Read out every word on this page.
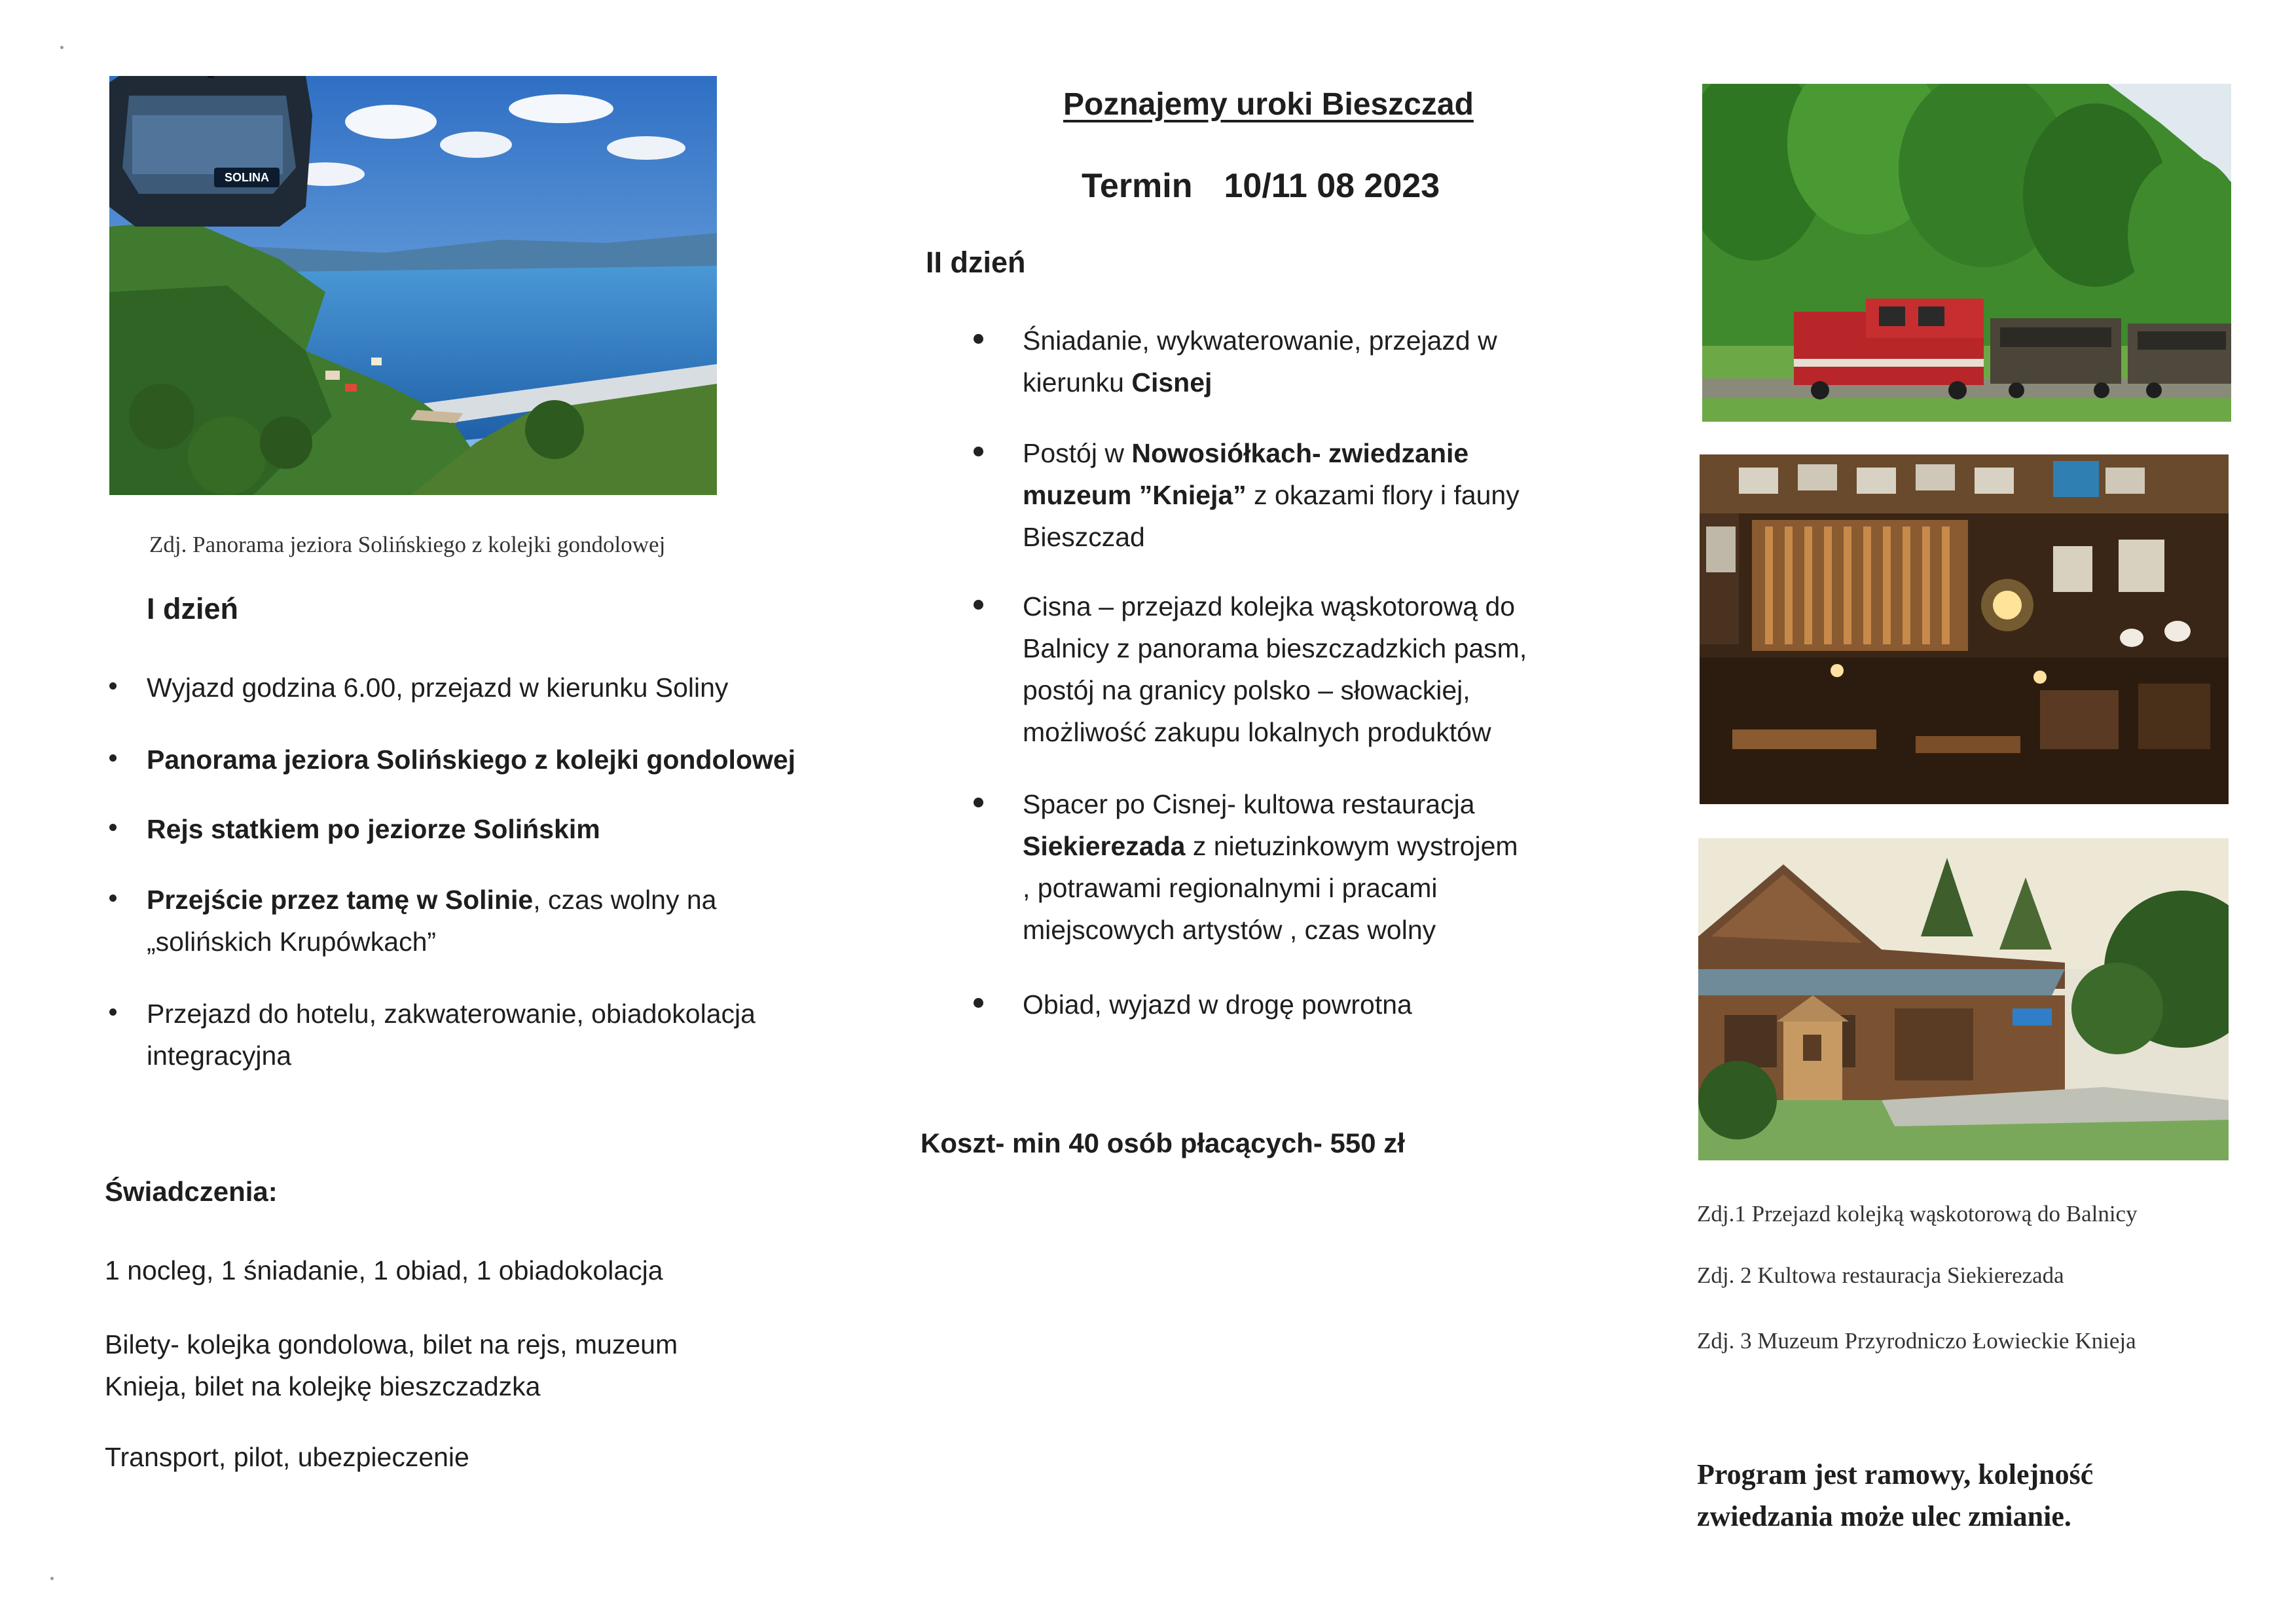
SOLINA
Zdj. Panorama jeziora Solińskiego z kolejki gondolowej
I dzień
Wyjazd godzina 6.00, przejazd w kierunku Soliny
Panorama jeziora Solińskiego z kolejki gondolowej
Rejs statkiem po jeziorze Solińskim
Przejście przez tamę w Solinie, czas wolny na
„solińskich Krupówkach”
Przejazd do hotelu, zakwaterowanie, obiadokolacja
integracyjna
Świadczenia:
1 nocleg, 1 śniadanie, 1 obiad, 1 obiadokolacja
Bilety- kolejka gondolowa, bilet na rejs, muzeum
Knieja, bilet na kolejkę bieszczadzka
Transport, pilot, ubezpieczenie
Poznajemy uroki Bieszczad
Termin 10/11 08 2023
II dzień
Śniadanie, wykwaterowanie, przejazd w
kierunku Cisnej
Postój w Nowosiółkach- zwiedzanie
muzeum ”Knieja” z okazami flory i fauny
Bieszczad
Cisna – przejazd kolejka wąskotorową do
Balnicy z panorama bieszczadzkich pasm,
postój na granicy polsko – słowackiej,
możliwość zakupu lokalnych produktów
Spacer po Cisnej- kultowa restauracja
Siekierezada z nietuzinkowym wystrojem
, potrawami regionalnymi i pracami
miejscowych artystów , czas wolny
Obiad, wyjazd w drogę powrotna
Koszt- min 40 osób płacących- 550 zł
Zdj.1 Przejazd kolejką wąskotorową do Balnicy
Zdj. 2 Kultowa restauracja Siekierezada
Zdj. 3 Muzeum Przyrodniczo Łowieckie Knieja
Program jest ramowy, kolejność
zwiedzania może ulec zmianie.
